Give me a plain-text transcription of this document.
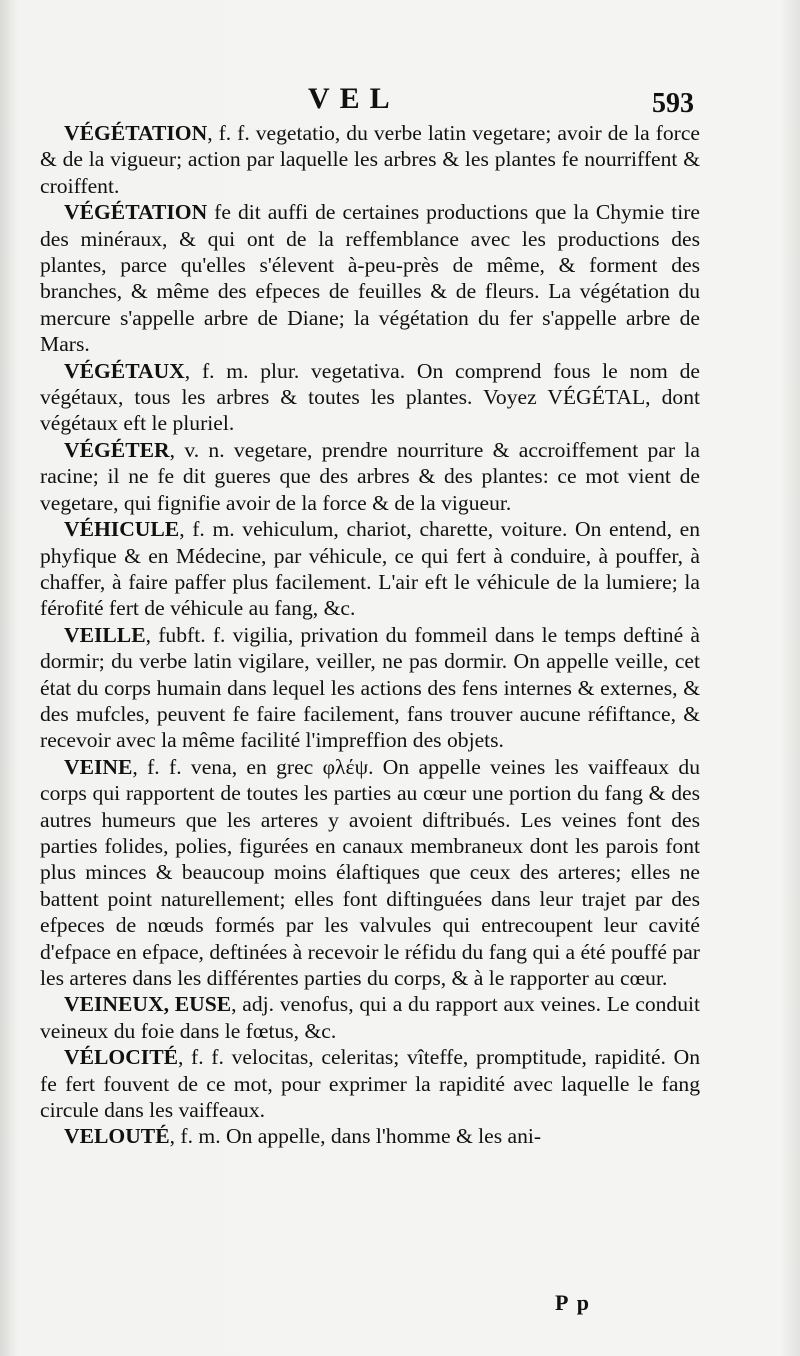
VEL	593

VÉGÉTATION, f. f. vegetatio, du verbe latin vegetare; avoir de la force & de la vigueur; action par laquelle les arbres & les plantes fe nourriffent & croiffent.

VÉGÉTATION fe dit auffi de certaines productions que la Chymie tire des minéraux, & qui ont de la reffemblance avec les productions des plantes, parce qu'elles s'élevent à-peu-près de même, & forment des branches, & même des efpeces de feuilles & de fleurs. La végétation du mercure s'appelle arbre de Diane; la végétation du fer s'appelle arbre de Mars.

VÉGÉTAUX, f. m. plur. vegetativa. On comprend fous le nom de végétaux, tous les arbres & toutes les plantes. Voyez VÉGÉTAL, dont végétaux eft le pluriel.

VÉGÉTER, v. n. vegetare, prendre nourriture & accroiffement par la racine; il ne fe dit gueres que des arbres & des plantes: ce mot vient de vegetare, qui fignifie avoir de la force & de la vigueur.

VÉHICULE, f. m. vehiculum, chariot, charette, voiture. On entend, en phyfique & en Médecine, par véhicule, ce qui fert à conduire, à pouffer, à chaffer, à faire paffer plus facilement. L'air eft le véhicule de la lumiere; la férofité fert de véhicule au fang, &c.

VEILLE, fubft. f. vigilia, privation du fommeil dans le temps deftiné à dormir; du verbe latin vigilare, veiller, ne pas dormir. On appelle veille, cet état du corps humain dans lequel les actions des fens internes & externes, & des mufcles, peuvent fe faire facilement, fans trouver aucune réfiftance, & recevoir avec la même facilité l'impreffion des objets.

VEINE, f. f. vena, en grec φλέψ. On appelle veines les vaiffeaux du corps qui rapportent de toutes les parties au cœur une portion du fang & des autres humeurs que les arteres y avoient diftribués. Les veines font des parties folides, polies, figurées en canaux membraneux dont les parois font plus minces & beaucoup moins élaftiques que ceux des arteres; elles ne battent point naturellement; elles font diftinguées dans leur trajet par des efpeces de nœuds formés par les valvules qui entrecoupent leur cavité d'efpace en efpace, deftinées à recevoir le réfidu du fang qui a été pouffé par les arteres dans les différentes parties du corps, & à le rapporter au cœur.

VEINEUX, EUSE, adj. venofus, qui a du rapport aux veines. Le conduit veineux du foie dans le fœtus, &c.

VÉLOCITÉ, f. f. velocitas, celeritas; vîteffe, promptitude, rapidité. On fe fert fouvent de ce mot, pour exprimer la rapidité avec laquelle le fang circule dans les vaiffeaux.

VELOUTÉ, f. m. On appelle, dans l'homme & les ani-

P p
